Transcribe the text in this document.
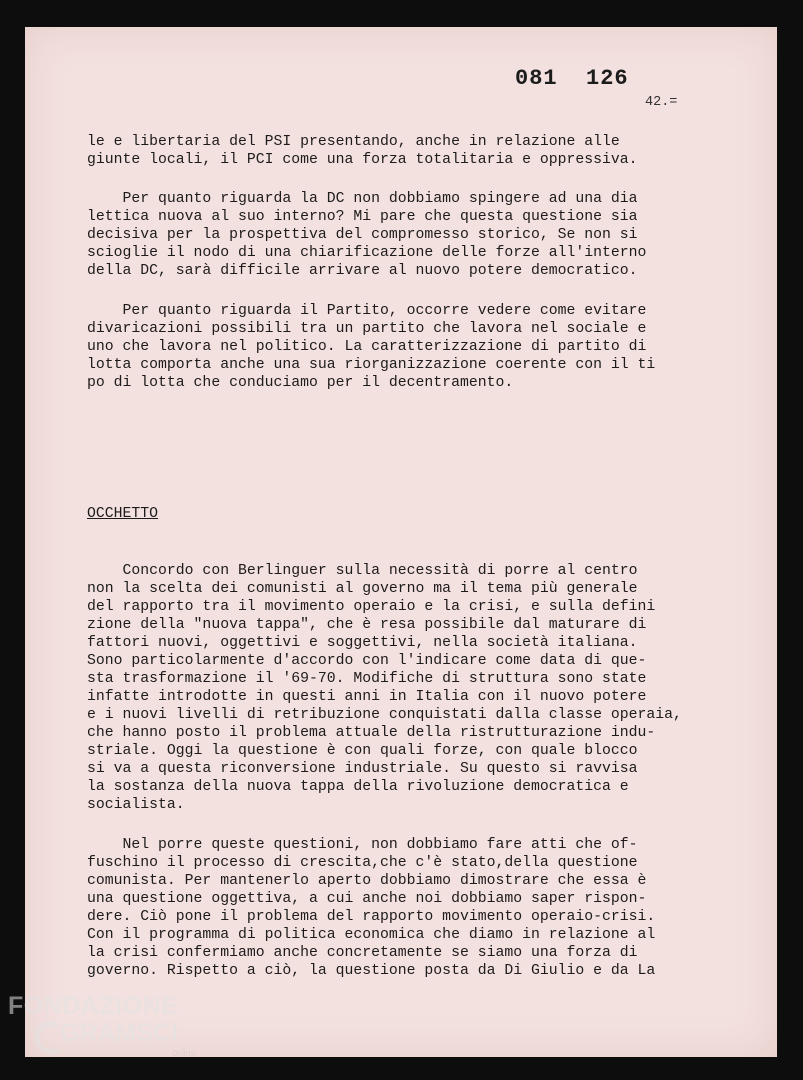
081  126
42.=
le e libertaria del PSI presentando, anche in relazione alle
giunte locali, il PCI come una forza totalitaria e oppressiva.
Per quanto riguarda la DC non dobbiamo spingere ad una dia
lettica nuova al suo interno? Mi pare che questa questione sia
decisiva per la prospettiva del compromesso storico, Se non si
scioglie il nodo di una chiarificazione delle forze all'interno
della DC, sarà difficile arrivare al nuovo potere democratico.
Per quanto riguarda il Partito, occorre vedere come evitare
divaricazioni possibili tra un partito che lavora nel sociale e
uno che lavora nel politico. La caratterizzazione di partito di
lotta comporta anche una sua riorganizzazione coerente con il ti
po di lotta che conduciamo per il decentramento.
OCCHETTO
Concordo con Berlinguer sulla necessità di porre al centro
non la scelta dei comunisti al governo ma il tema più generale
del rapporto tra il movimento operaio e la crisi, e sulla defini
zione della "nuova tappa", che è resa possibile dal maturare di
fattori nuovi, oggettivi e soggettivi, nella società italiana.
Sono particolarmente d'accordo con l'indicare come data di que-
sta trasformazione il '69-70. Modifiche di struttura sono state
infatte introdotte in questi anni in Italia con il nuovo potere
e i nuovi livelli di retribuzione conquistati dalla classe operaia,
che hanno posto il problema attuale della ristrutturazione indu-
striale. Oggi la questione è con quali forze, con quale blocco
si va a questa riconversione industriale. Su questo si ravvisa
la sostanza della nuova tappa della rivoluzione democratica e
socialista.
Nel porre queste questioni, non dobbiamo fare atti che of-
fuschino il processo di crescita,che c'è stato,della questione
comunista. Per mantenerlo aperto dobbiamo dimostrare che essa è
una questione oggettiva, a cui anche noi dobbiamo saper rispon-
dere. Ciò pone il problema del rapporto movimento operaio-crisi.
Con il programma di politica economica che diamo in relazione al
la crisi confermiamo anche concretamente se siamo una forza di
governo. Rispetto a ciò, la questione posta da Di Giulio e da La
FONDAZIONE
GRAMSCI
onlus
